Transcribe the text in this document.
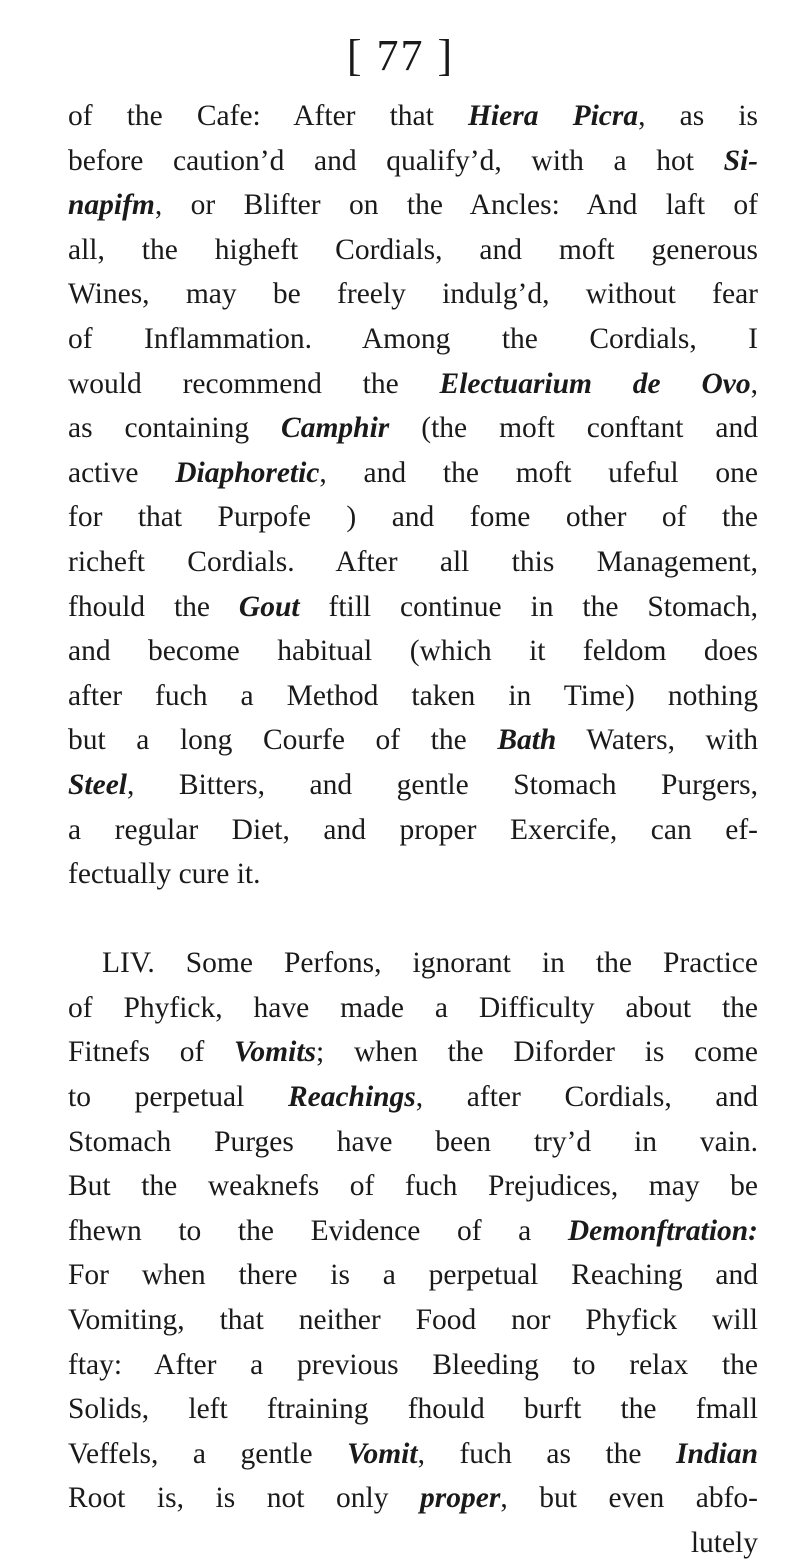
[ 77 ]
of the Cafe: After that Hiera Picra, as is
before caution’d and qualify’d, with a hot Si-
napifm, or Blifter on the Ancles: And laft of
all, the higheft Cordials, and moft generous
Wines, may be freely indulg’d, without fear
of Inflammation. Among the Cordials, I
would recommend the Electuarium de Ovo,
as containing Camphir (the moft conftant and
active Diaphoretic, and the moft ufeful one
for that Purpofe ) and fome other of the
richeft Cordials. After all this Management,
fhould the Gout ftill continue in the Stomach,
and become habitual (which it feldom does
after fuch a Method taken in Time) nothing
but a long Courfe of the Bath Waters, with
Steel, Bitters, and gentle Stomach Purgers,
a regular Diet, and proper Exercife, can ef-
fectually cure it.
LIV. Some Perfons, ignorant in the Practice
of Phyfick, have made a Difficulty about the
Fitnefs of Vomits; when the Diforder is come
to perpetual Reachings, after Cordials, and
Stomach Purges have been try’d in vain.
But the weaknefs of fuch Prejudices, may be
fhewn to the Evidence of a Demonftration:
For when there is a perpetual Reaching and
Vomiting, that neither Food nor Phyfick will
ftay: After a previous Bleeding to relax the
Solids, left ftraining fhould burft the fmall
Veffels, a gentle Vomit, fuch as the Indian
Root is, is not only proper, but even abfo-
lutely
